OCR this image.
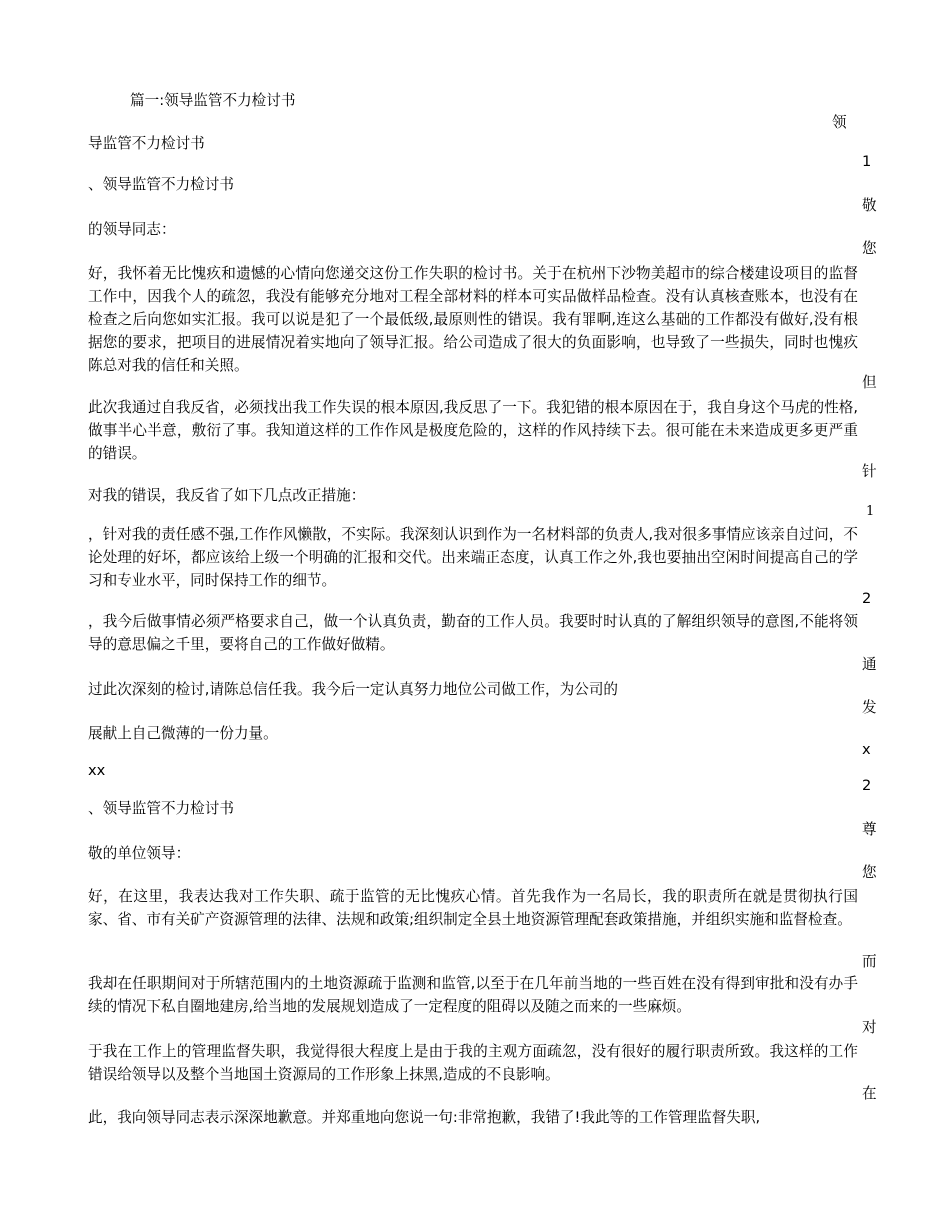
篇一:领导监管不力检讨书
导监管不力检讨书
、领导监管不力检讨书
的领导同志：
好，我怀着无比愧疚和遗憾的心情向您递交这份工作失职的检讨书。关于在杭州下沙物美超市的综合楼建设项目的监督工作中，因我个人的疏忽，我没有能够充分地对工程全部材料的样本可实品做样品检查。没有认真核查账本，也没有在检查之后向您如实汇报。我可以说是犯了一个最低级,最原则性的错误。我有罪啊,连这么基础的工作都没有做好,没有根据您的要求，把项目的进展情况着实地向了领导汇报。给公司造成了很大的负面影响，也导致了一些损失，同时也愧疚陈总对我的信任和关照。
此次我通过自我反省，必须找出我工作失误的根本原因,我反思了一下。我犯错的根本原因在于，我自身这个马虎的性格,做事半心半意，敷衍了事。我知道这样的工作作风是极度危险的，这样的作风持续下去。很可能在未来造成更多更严重的错误。
对我的错误，我反省了如下几点改正措施：
，针对我的责任感不强,工作作风懒散，不实际。我深刻认识到作为一名材料部的负责人,我对很多事情应该亲自过问，不论处理的好坏，都应该给上级一个明确的汇报和交代。出来端正态度，认真工作之外,我也要抽出空闲时间提高自己的学习和专业水平，同时保持工作的细节。
，我今后做事情必须严格要求自己，做一个认真负责，勤奋的工作人员。我要时时认真的了解组织领导的意图,不能将领导的意思偏之千里，要将自己的工作做好做精。
过此次深刻的检讨,请陈总信任我。我今后一定认真努力地位公司做工作，为公司的
展献上自己微薄的一份力量。
xx
、领导监管不力检讨书
敬的单位领导：
好，在这里，我表达我对工作失职、疏于监管的无比愧疚心情。首先我作为一名局长，我的职责所在就是贯彻执行国家、省、市有关矿产资源管理的法律、法规和政策;组织制定全县土地资源管理配套政策措施，并组织实施和监督检查。
我却在任职期间对于所辖范围内的土地资源疏于监测和监管,以至于在几年前当地的一些百姓在没有得到审批和没有办手续的情况下私自圈地建房,给当地的发展规划造成了一定程度的阻碍以及随之而来的一些麻烦。
于我在工作上的管理监督失职，我觉得很大程度上是由于我的主观方面疏忽，没有很好的履行职责所致。我这样的工作错误给领导以及整个当地国土资源局的工作形象上抹黑,造成的不良影响。
此，我向领导同志表示深深地歉意。并郑重地向您说一句:非常抱歉，我错了!我此等的工作管理监督失职,
领
1
敬
您
但
针
1
2
通
发
x
2
尊
您
而
对
在
